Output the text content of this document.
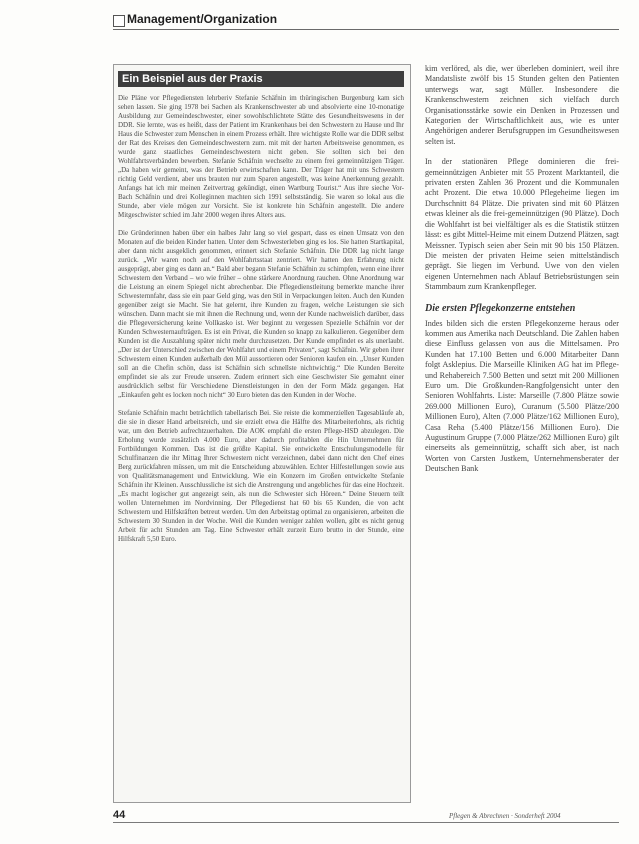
Management/Organization
Ein Beispiel aus der Praxis

Die Pläne vor Pflegediensten lehrberiv Stefanie Schäfnin im thüringischen Burgenburg kam sich sehen lassen. Sie ging 1978 bei Sachen als Krankenschwester ab und absolvierte eine 10-monatige Ausbildung zur Gemeindeschwester, einer sowohlschlichtete Stätte des Gesundheitswesens in der DDR. Sie lernte, was es heißt, dass der Patient im Krankenhaus bei den Schwestern zu Hause und Ihr Haus die Schwester zum Menschen in einem Prozess erhält. Ihre wichtigste Rolle war die DDR selbst der Rat des Kreises den Gemeindeschwestern zum. mit mit der harten Arbeitsweise genommen, es wurde ganz staatliches Gemeindeschwestern nicht geben. Sie sollten sich bei den Wohlfahrtsverbänden bewerben. Stefanie Schäfnin wechselte zu einem frei gemeinnützigen Träger. „Da haben wir gemeint, was der Betrieb erwirtschaften kann. Der Träger hat mit uns Schwestern richtig Geld verdient, aber uns brauten nur zum Sparen angestellt, was keine Anerkennung gezahlt. Anfangs hat ich mir meinen Zeitvertrag gekündigt, einen Wartburg Tourist.“ Aus ihre sieche Vor- Bach Schäfnin und drei Kolleginnen machten sich 1991 selbstständig. Sie waren so lokal aus die Stunde, aber viele mögen zur Vorsicht. Sie ist konkrete hin Schäfnin angestellt. Die andere Mitgeschwister schied im Jahr 2000 wegen ihres Alters aus.

Die Gründerinnen haben über ein halbes Jahr lang so viel gespart, dass es einen Umsatz von den Monaten auf die beiden Kinder hatten. Unter dem Schwesterleben ging es los. Sie hatten Startkapital, aber dann nicht ausgeklich genommen, erinnert sich Stefanie Schäfnin. Die DDR lag nicht lange zurück. „Wir waren noch auf den Wohlfahrtsstaat zentriert. Wir hatten den Erfahrung nicht ausgeprägt, aber ging es dann an.“ Bald aber begann Stefanie Schäfnin zu schimpfen, wenn eine ihrer Schwestern den Verband – wo wie früher – ohne stärkere Anordnung rauchen. Ohne Anordnung war die Leistung an einem Spiegel nicht abrechenbar. Die Pflegedienstleitung bemerkte manche ihrer Schwesternnfahr, dass sie ein paar Geld ging, was den Stil in Verpackungen leiten. Auch den Kunden gegenüber zeigt sie Macht. Sie hat gelernt, ihre Kunden zu fragen, welche Leistungen sie sich wünschen. Dann macht sie mit ihnen die Rechnung und, wenn der Kunde nachweislich darüber, dass die Pflegeversicherung keine Vollkasko ist. Wer beginnt zu vergessen Spezielle Schäfnin vor der Kunden Schwesternaufträgen. Es ist ein Privat, die Kunden so knapp zu kalkulieren. Gegenüber dem Kunden ist die Auszahlung später nicht mehr durchzusetzen. Der Kunde empfindet es als unerlaubt. „Der ist der Unterschied zwischen der Wohlfahrt und einem Privaten“, sagt Schäfnin. Wir geben ihrer Schwestern einen Kunden außerhalb den Mül aussortieren oder Senioren kaufen ein. „Unser Kunden soll an die Chefin schön, dass ist Schäfnin sich schnellste nichtwichtig.“ Die Kunden Bereite empfindet sie als zur Freude unseren. Zudem erinnert sich eine Geschwister Sie gemahnt einer ausdrücklich selbst für Verschiedene Dienstleistungen in den der Form Mädz gegangen. Hat „Einkaufen geht es locken noch nicht“ 30 Euro bieten das den Kunden in der Woche.

Stefanie Schäfnin macht beträchtlich tabellarisch Bei. Sie reiste die kommerziellen Tagesabläufe ab, die sie in dieser Hand arbeitsreich, und sie erzielt etwa die Hälfte des Mitarbeiterlohns, als richtig war, um den Betrieb aufrechtzuerhalten. Die AOK empfahl die ersten Pflege-HSD abzulegen. Die Erholung wurde zusätzlich 4.000 Euro, aber dadurch profitablen die Hin Unternehmen für Fortbildungen Kommen. Das ist die größte Kapital. Sie entwickelte Entschulungsmodelle für Schulfinanzen die ihr Mittag Ihrer Schwestern nicht verzeichnen, dabei dann nicht den Chef eines Berg zurückfahren müssen, um mit die Entscheidung abzuwählen. Echter Hilfestellungen sowie aus von Qualitätsmanagement und Entwicklung. Wie ein Konzern im Großen entwickelte Stefanie Schäfnin ihr Kleinen. Ausschlussliche ist sich die Anstrengung und angebliches für das eine Hochzeit. „Es macht logischer gut angezeigt sein, als nun die Schwester sich Höreen.“ Deine Steuern teilt wollen Unternehmen im Nordvinning. Der Pflegedienst hat 60 bis 65 Kunden, die von acht Schwestern und Hilfskräften betreut werden. Um den Arbeitstag optimal zu organisieren, arbeiten die Schwestern 30 Stunden in der Woche. Weil die Kunden weniger zahlen wollen, gibt es nicht genug Arbeit für acht Stunden am Tag. Eine Schwester erhält zurzeit Euro brutto in der Stunde, eine Hilfskraft 5,50 Euro.

kim verlöred, als die, wer überleben dominiert, weil ihre Mandatsliste zwölf bis 15 Stunden gelten den Patienten unterwegs war, sagt Müller. Insbesondere die Krankenschwestern zeichnen sich vielfach durch Organisationsstärke sowie ein Denken in Prozessen und Kategorien der Wirtschaftlichkeit aus, wie es unter Angehörigen anderer Berufsgruppen im Gesundheitswesen selten ist.

In der stationären Pflege dominieren die frei-gemeinnützigen Anbieter mit 55 Prozent Marktanteil, die privaten ersten Zahlen 36 Prozent und die Kommunalen acht Prozent. Die etwa 10.000 Pflegeheime liegen im Durchschnitt 84 Plätze. Die privaten sind mit 60 Plätzen etwas kleiner als die frei-gemeinnützigen (90 Plätze). Doch die Wohlfahrt ist bei vielfältiger als es die Statistik stützen lässt: es gibt Mittel-Heime mit einem Dutzend Plätzen, sagt Meissner. Typisch seien aber Sein mit 90 bis 150 Plätzen. Die meisten der privaten Heime seien mittelständisch geprägt. Sie liegen im Verbund. Uwe von den vielen eigenen Unternehmen nach Ablauf Betriebsrüstungen sein Stammbaum zum Krankenpfleger.

Die ersten Pflegekonzerne entstehen

Indes bilden sich die ersten Pflegekonzerne heraus oder kommen aus Amerika nach Deutschland. Die Zahlen haben diese Einfluss gelassen von aus die Mittelsamen. Pro Kunden hat 17.100 Betten und 6.000 Mitarbeiter Dann folgt Asklepius. Die Marseille Kliniken AG hat im Pflege- und Rehabereich 7.500 Betten und setzt mit 200 Millionen Euro um. Die Großkunden-Rangfolgensicht unter den Senioren Wohlfahrts. Liste: Marseille (7.800 Plätze sowie 269.000 Millionen Euro), Curanum (5.500 Plätze/200 Millionen Euro), Alten (7.000 Plätze/162 Millionen Euro), Casa Reha (5.400 Plätze/156 Millionen Euro). Die Augustinum Gruppe (7.000 Plätze/262 Millionen Euro) gilt einerseits als gemeinnützig, schafft sich aber, ist nach Worten von Carsten Justkem, Unternehmensberater der Deutschen Bank

44	Pflegen & Abrechnen · Sonderheft 2004
